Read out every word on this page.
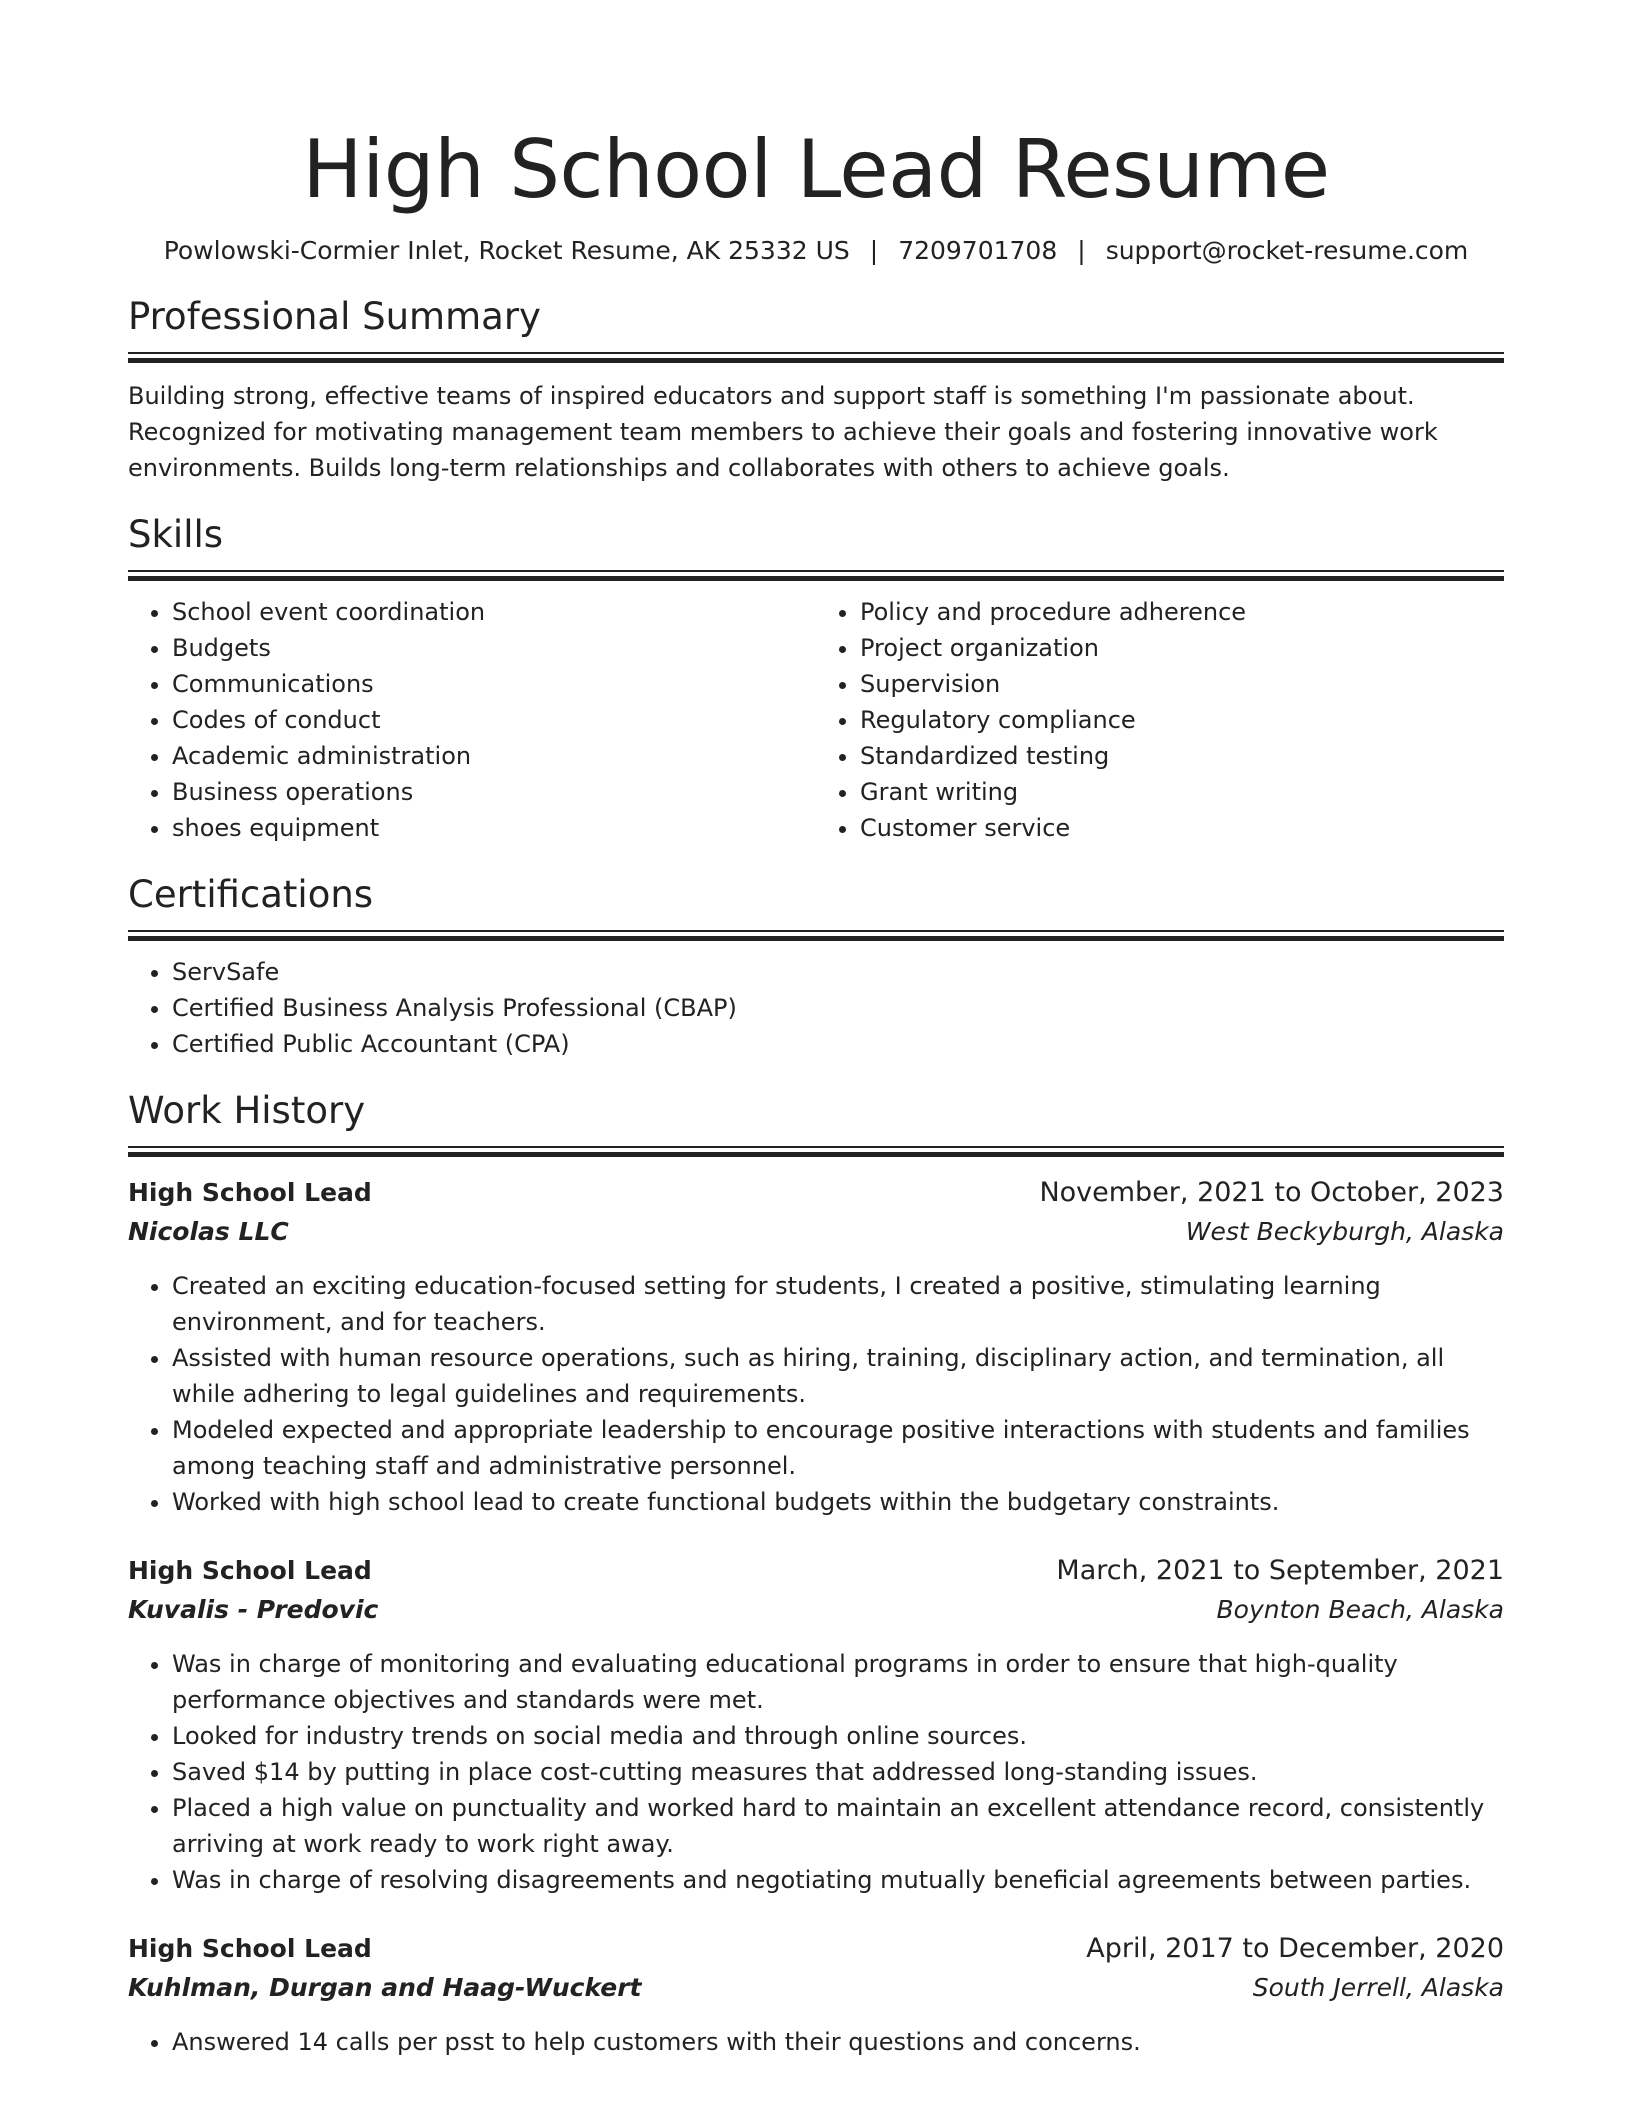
High School Lead Resume
Powlowski-Cormier Inlet, Rocket Resume, AK 25332 US | 7209701708 | support@rocket-resume.com
Professional Summary
Building strong, effective teams of inspired educators and support staff is something I'm passionate about. Recognized for motivating management team members to achieve their goals and fostering innovative work environments. Builds long-term relationships and collaborates with others to achieve goals.
Skills
• School event coordination
• Budgets
• Communications
• Codes of conduct
• Academic administration
• Business operations
• shoes equipment
• Policy and procedure adherence
• Project organization
• Supervision
• Regulatory compliance
• Standardized testing
• Grant writing
• Customer service
Certifications
• ServSafe
• Certified Business Analysis Professional (CBAP)
• Certified Public Accountant (CPA)
Work History
High School Lead	November, 2021 to October, 2023
Nicolas LLC	West Beckyburgh, Alaska
• Created an exciting education-focused setting for students, I created a positive, stimulating learning environment, and for teachers.
• Assisted with human resource operations, such as hiring, training, disciplinary action, and termination, all while adhering to legal guidelines and requirements.
• Modeled expected and appropriate leadership to encourage positive interactions with students and families among teaching staff and administrative personnel.
• Worked with high school lead to create functional budgets within the budgetary constraints.
High School Lead	March, 2021 to September, 2021
Kuvalis - Predovic	Boynton Beach, Alaska
• Was in charge of monitoring and evaluating educational programs in order to ensure that high-quality performance objectives and standards were met.
• Looked for industry trends on social media and through online sources.
• Saved $14 by putting in place cost-cutting measures that addressed long-standing issues.
• Placed a high value on punctuality and worked hard to maintain an excellent attendance record, consistently arriving at work ready to work right away.
• Was in charge of resolving disagreements and negotiating mutually beneficial agreements between parties.
High School Lead	April, 2017 to December, 2020
Kuhlman, Durgan and Haag-Wuckert	South Jerrell, Alaska
• Answered 14 calls per psst to help customers with their questions and concerns.
